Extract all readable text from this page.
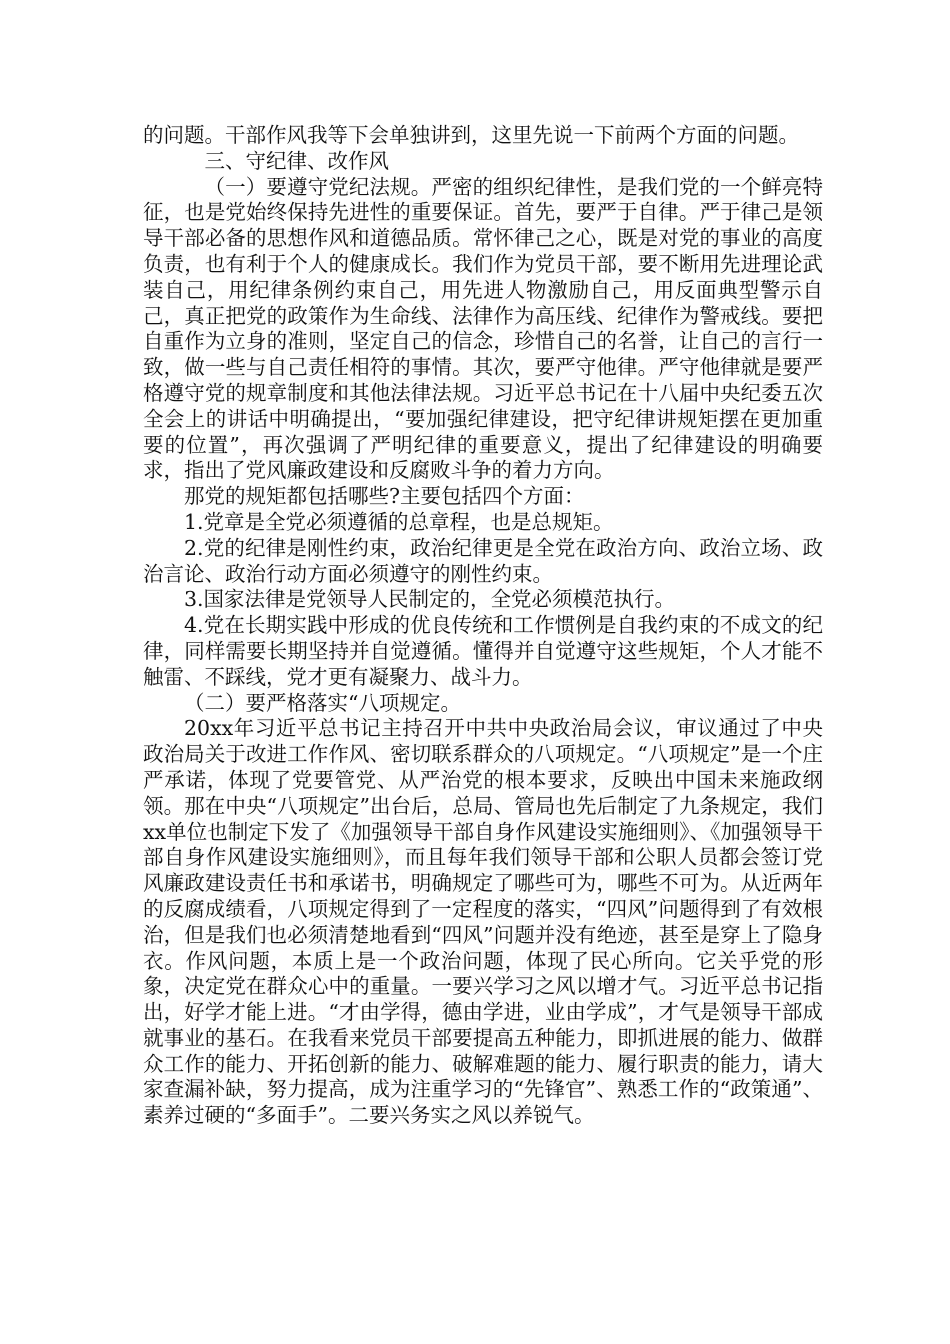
的问题。干部作风我等下会单独讲到，这里先说一下前两个方面的问题。

三、守纪律、改作风

（一）要遵守党纪法规。严密的组织纪律性，是我们党的一个鲜亮特征，也是党始终保持先进性的重要保证。首先，要严于自律。严于律己是领导干部必备的思想作风和道德品质。常怀律己之心，既是对党的事业的高度负责，也有利于个人的健康成长。我们作为党员干部，要不断用先进理论武装自己，用纪律条例约束自己，用先进人物激励自己，用反面典型警示自己，真正把党的政策作为生命线、法律作为高压线、纪律作为警戒线。要把自重作为立身的准则，坚定自己的信念，珍惜自己的名誉，让自己的言行一致，做一些与自己责任相符的事情。其次，要严守他律。严守他律就是要严格遵守党的规章制度和其他法律法规。习近平总书记在十八届中央纪委五次全会上的讲话中明确提出，“要加强纪律建设，把守纪律讲规矩摆在更加重要的位置”，再次强调了严明纪律的重要意义，提出了纪律建设的明确要求，指出了党风廉政建设和反腐败斗争的着力方向。

那党的规矩都包括哪些?主要包括四个方面：

1.党章是全党必须遵循的总章程，也是总规矩。

2.党的纪律是刚性约束，政治纪律更是全党在政治方向、政治立场、政治言论、政治行动方面必须遵守的刚性约束。

3.国家法律是党领导人民制定的，全党必须模范执行。

4.党在长期实践中形成的优良传统和工作惯例是自我约束的不成文的纪律，同样需要长期坚持并自觉遵循。懂得并自觉遵守这些规矩，个人才能不触雷、不踩线，党才更有凝聚力、战斗力。

（二）要严格落实“八项规定。

20xx年习近平总书记主持召开中共中央政治局会议，审议通过了中央政治局关于改进工作作风、密切联系群众的八项规定。“八项规定”是一个庄严承诺，体现了党要管党、从严治党的根本要求，反映出中国未来施政纲领。那在中央“八项规定”出台后，总局、管局也先后制定了九条规定，我们xx单位也制定下发了《加强领导干部自身作风建设实施细则》、《加强领导干部自身作风建设实施细则》，而且每年我们领导干部和公职人员都会签订党风廉政建设责任书和承诺书，明确规定了哪些可为，哪些不可为。从近两年的反腐成绩看，八项规定得到了一定程度的落实，“四风”问题得到了有效根治，但是我们也必须清楚地看到“四风”问题并没有绝迹，甚至是穿上了隐身衣。作风问题，本质上是一个政治问题，体现了民心所向。它关乎党的形象，决定党在群众心中的重量。一要兴学习之风以增才气。习近平总书记指出，好学才能上进。“才由学得，德由学进，业由学成”，才气是领导干部成就事业的基石。在我看来党员干部要提高五种能力，即抓进展的能力、做群众工作的能力、开拓创新的能力、破解难题的能力、履行职责的能力，请大家查漏补缺，努力提高，成为注重学习的“先锋官”、熟悉工作的“政策通”、素养过硬的“多面手”。二要兴务实之风以养锐气。
